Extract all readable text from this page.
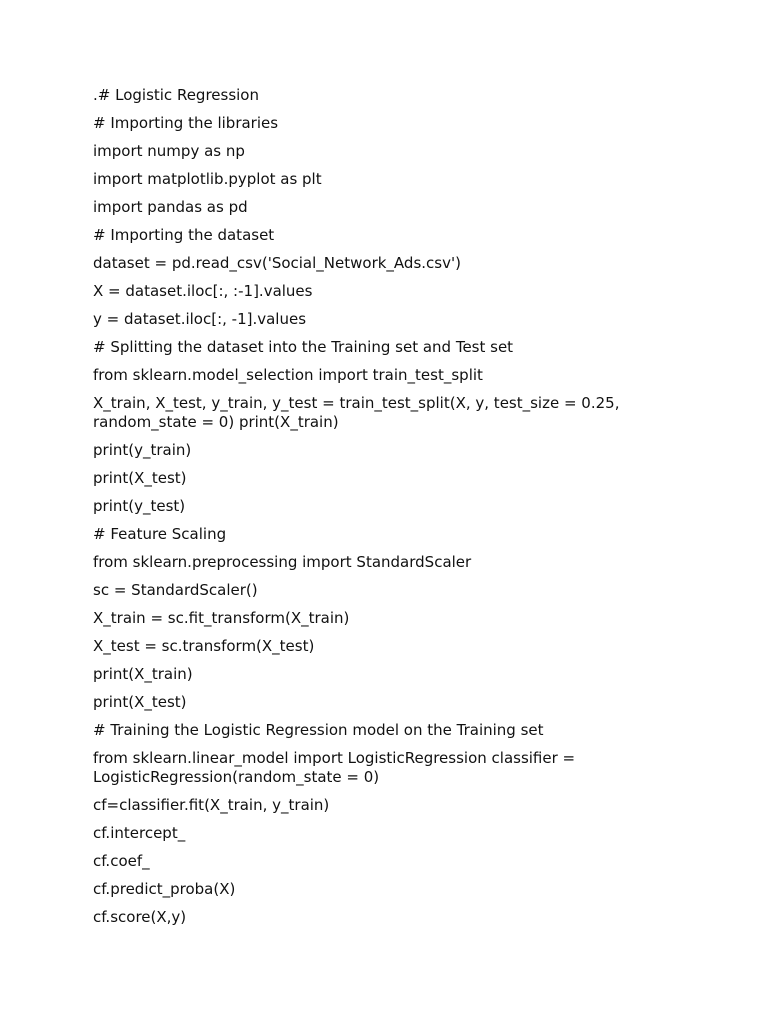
.# Logistic Regression

# Importing the libraries

import numpy as np

import matplotlib.pyplot as plt

import pandas as pd

# Importing the dataset

dataset = pd.read_csv('Social_Network_Ads.csv')

X = dataset.iloc[:, :-1].values

y = dataset.iloc[:, -1].values

# Splitting the dataset into the Training set and Test set

from sklearn.model_selection import train_test_split

X_train, X_test, y_train, y_test = train_test_split(X, y, test_size = 0.25,
random_state = 0) print(X_train)

print(y_train)

print(X_test)

print(y_test)

# Feature Scaling

from sklearn.preprocessing import StandardScaler

sc = StandardScaler()

X_train = sc.fit_transform(X_train)

X_test = sc.transform(X_test)

print(X_train)

print(X_test)

# Training the Logistic Regression model on the Training set

from sklearn.linear_model import LogisticRegression classifier =
LogisticRegression(random_state = 0)

cf=classifier.fit(X_train, y_train)

cf.intercept_

cf.coef_

cf.predict_proba(X)

cf.score(X,y)
